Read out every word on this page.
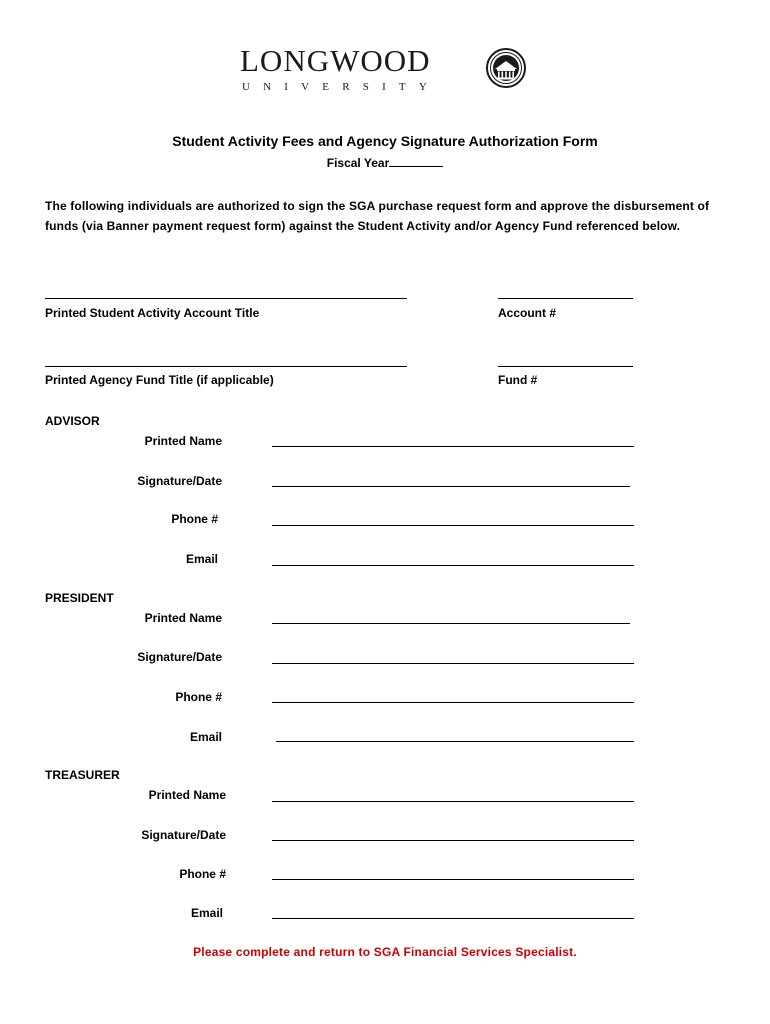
LONGWOOD
UNIVERSITY
Student Activity Fees and Agency Signature Authorization Form
Fiscal Year
The following individuals are authorized to sign the SGA purchase request form and approve the disbursement of funds (via Banner payment request form) against the Student Activity and/or Agency Fund referenced below.
Printed Student Activity Account Title	Account #
Printed Agency Fund Title (if applicable)	Fund #
ADVISOR
Printed Name
Signature/Date
Phone #
Email
PRESIDENT
Printed Name
Signature/Date
Phone #
Email
TREASURER
Printed Name
Signature/Date
Phone #
Email
Please complete and return to SGA Financial Services Specialist.
